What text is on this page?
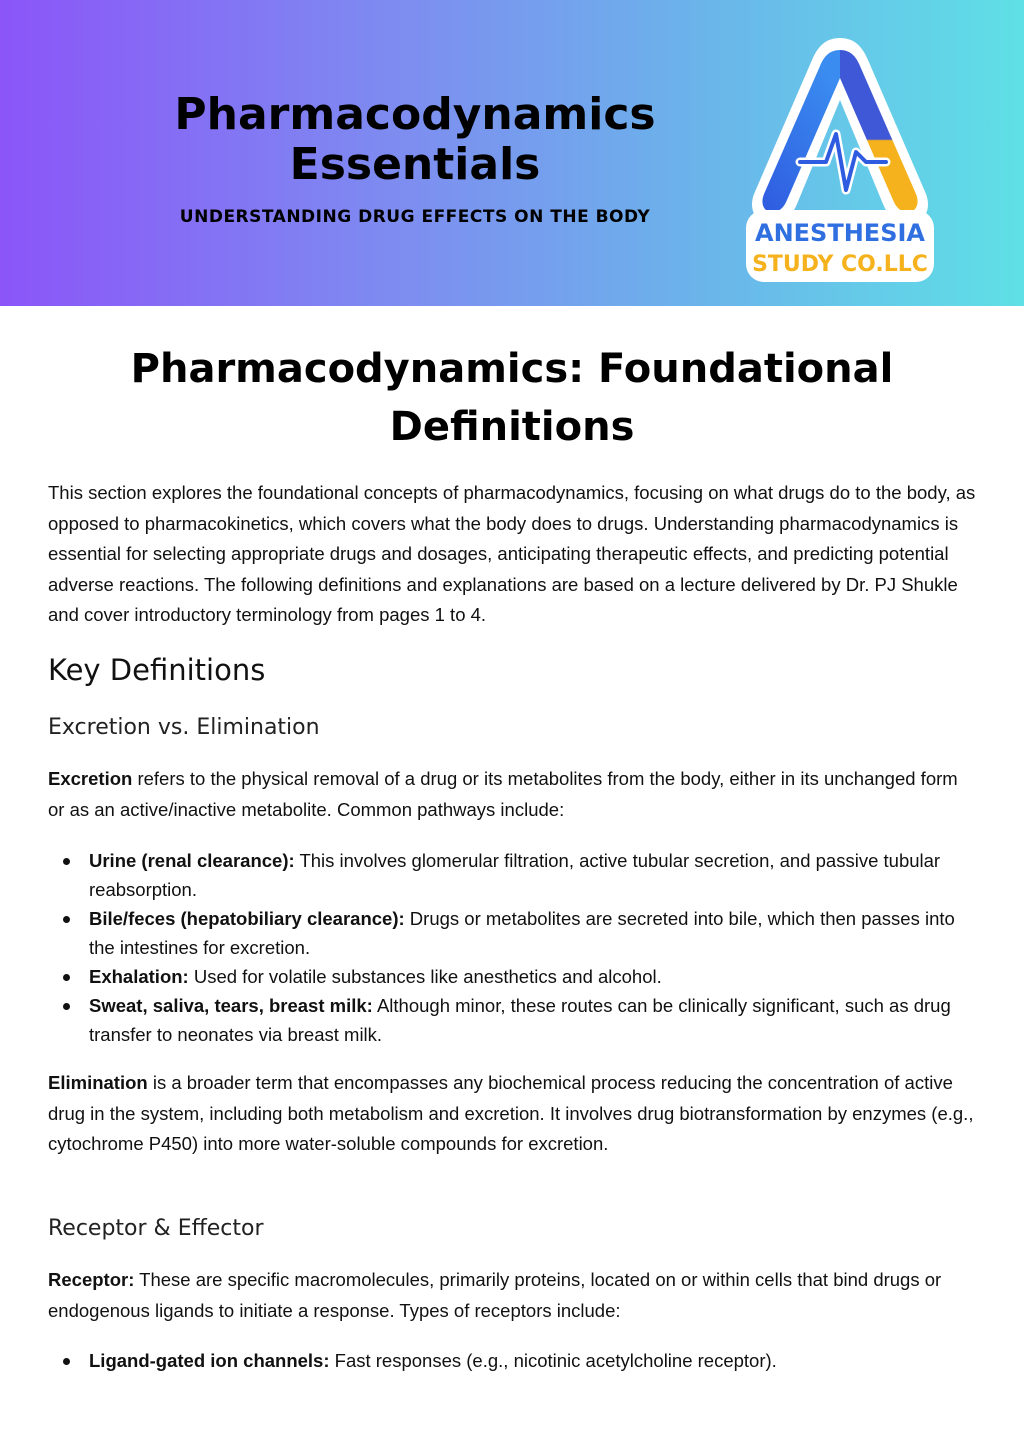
Pharmacodynamics Essentials
UNDERSTANDING DRUG EFFECTS ON THE BODY
ANESTHESIA
STUDY CO.LLC
Pharmacodynamics: Foundational Definitions

This section explores the foundational concepts of pharmacodynamics, focusing on what drugs do to the body, as opposed to pharmacokinetics, which covers what the body does to drugs. Understanding pharmacodynamics is essential for selecting appropriate drugs and dosages, anticipating therapeutic effects, and predicting potential adverse reactions. The following definitions and explanations are based on a lecture delivered by Dr. PJ Shukle and cover introductory terminology from pages 1 to 4.

Key Definitions
Excretion vs. Elimination

Excretion refers to the physical removal of a drug or its metabolites from the body, either in its unchanged form or as an active/inactive metabolite. Common pathways include:

Urine (renal clearance): This involves glomerular filtration, active tubular secretion, and passive tubular reabsorption.
Bile/feces (hepatobiliary clearance): Drugs or metabolites are secreted into bile, which then passes into the intestines for excretion.
Exhalation: Used for volatile substances like anesthetics and alcohol.
Sweat, saliva, tears, breast milk: Although minor, these routes can be clinically significant, such as drug transfer to neonates via breast milk.

Elimination is a broader term that encompasses any biochemical process reducing the concentration of active drug in the system, including both metabolism and excretion. It involves drug biotransformation by enzymes (e.g., cytochrome P450) into more water-soluble compounds for excretion.

Receptor & Effector

Receptor: These are specific macromolecules, primarily proteins, located on or within cells that bind drugs or endogenous ligands to initiate a response. Types of receptors include:

Ligand-gated ion channels: Fast responses (e.g., nicotinic acetylcholine receptor).
